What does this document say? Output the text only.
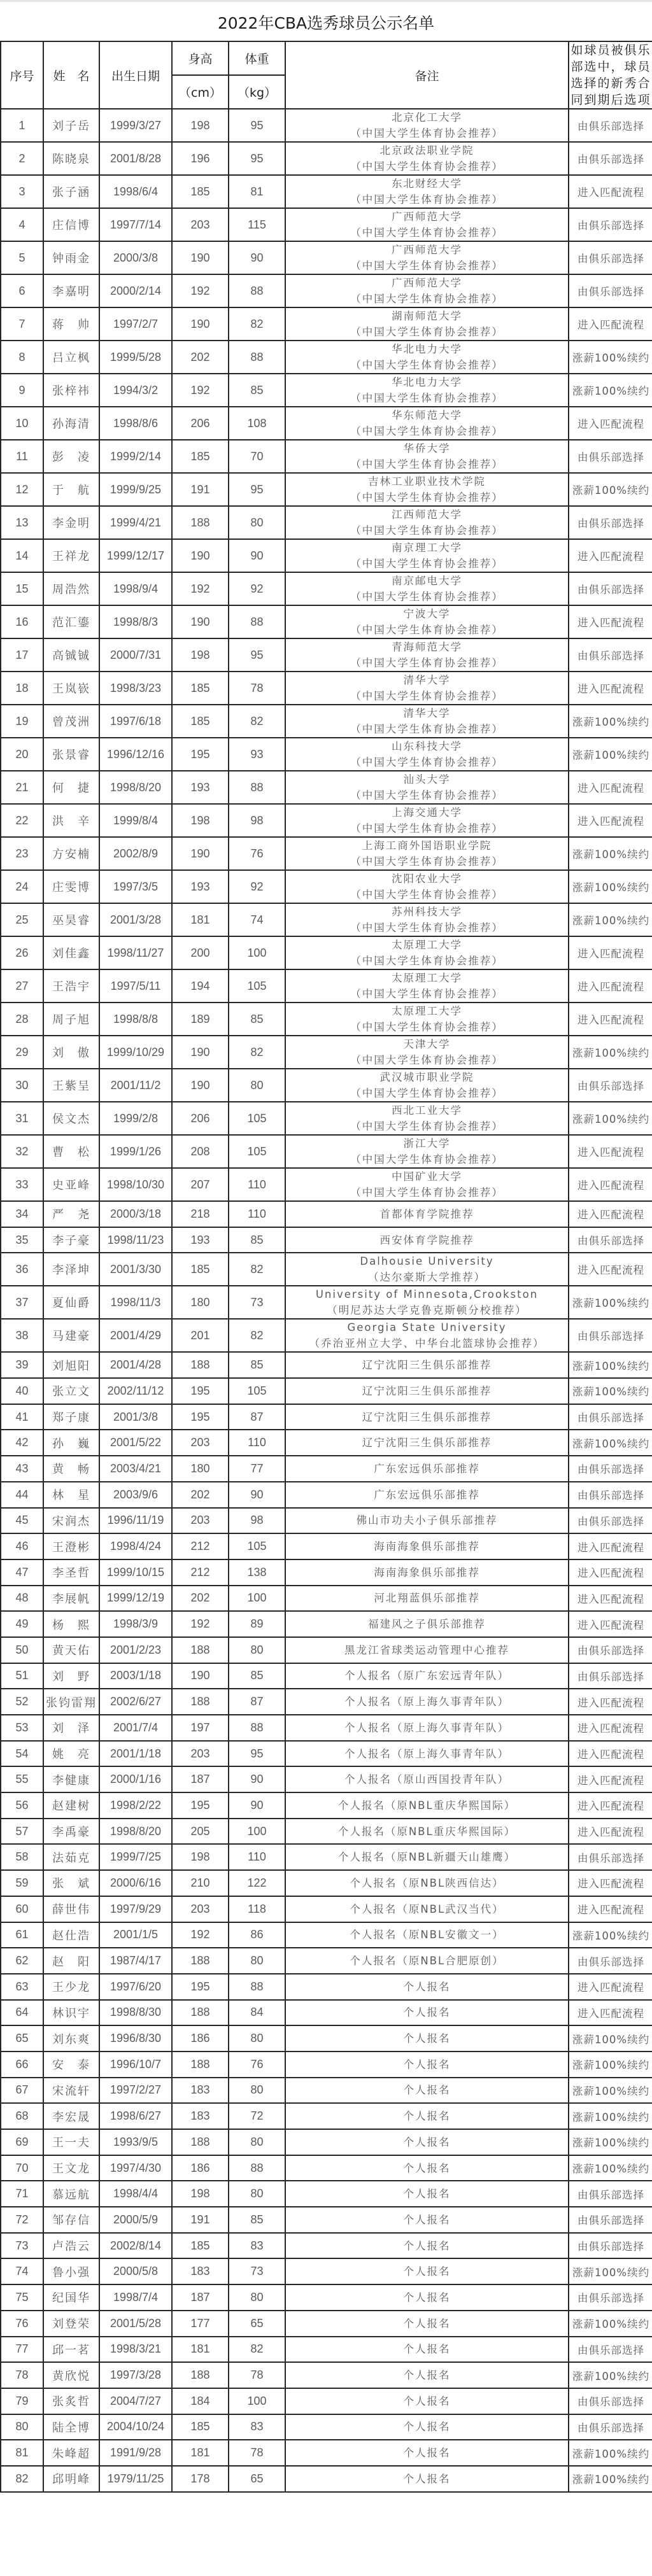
2022年CBA选秀球员公示名单
序号	姓　名	出生日期	身高	体重	备注	如球员被俱乐部选中，球员选择的新秀合同到期后选项
			（cm）	（kg）		
1	刘子岳	1999/3/27	198	95	北京化工大学
（中国大学生体育协会推荐）	由俱乐部选择
2	陈晓泉	2001/8/28	196	95	北京政法职业学院
（中国大学生体育协会推荐）	由俱乐部选择
3	张子涵	1998/6/4	185	81	东北财经大学
（中国大学生体育协会推荐）	进入匹配流程
4	庄信博	1997/7/14	203	115	广西师范大学
（中国大学生体育协会推荐）	由俱乐部选择
5	钟雨金	2000/3/8	190	90	广西师范大学
（中国大学生体育协会推荐）	由俱乐部选择
6	李嘉明	2000/2/14	192	88	广西师范大学
（中国大学生体育协会推荐）	由俱乐部选择
7	蒋　帅	1997/2/7	190	82	湖南师范大学
（中国大学生体育协会推荐）	进入匹配流程
8	吕立枫	1999/5/28	202	88	华北电力大学
（中国大学生体育协会推荐）	涨薪100%续约
9	张梓祎	1994/3/2	192	85	华北电力大学
（中国大学生体育协会推荐）	涨薪100%续约
10	孙海清	1998/8/6	206	108	华东师范大学
（中国大学生体育协会推荐）	进入匹配流程
11	彭　凌	1999/2/14	185	70	华侨大学
（中国大学生体育协会推荐）	由俱乐部选择
12	于　航	1999/9/25	191	95	吉林工业职业技术学院
（中国大学生体育协会推荐）	涨薪100%续约
13	李金明	1999/4/21	188	80	江西师范大学
（中国大学生体育协会推荐）	由俱乐部选择
14	王祥龙	1999/12/17	190	90	南京理工大学
（中国大学生体育协会推荐）	进入匹配流程
15	周浩然	1998/9/4	192	92	南京邮电大学
（中国大学生体育协会推荐）	由俱乐部选择
16	范汇鎏	1998/8/3	190	88	宁波大学
（中国大学生体育协会推荐）	进入匹配流程
17	高铖铖	2000/7/31	198	95	青海师范大学
（中国大学生体育协会推荐）	由俱乐部选择
18	王岚嵚	1998/3/23	185	78	清华大学
（中国大学生体育协会推荐）	进入匹配流程
19	曾茂洲	1997/6/18	185	82	清华大学
（中国大学生体育协会推荐）	涨薪100%续约
20	张景睿	1996/12/16	195	93	山东科技大学
（中国大学生体育协会推荐）	涨薪100%续约
21	何　捷	1998/8/20	193	88	汕头大学
（中国大学生体育协会推荐）	进入匹配流程
22	洪　辛	1999/8/4	198	98	上海交通大学
（中国大学生体育协会推荐）	进入匹配流程
23	方安楠	2002/8/9	190	76	上海工商外国语职业学院
（中国大学生体育协会推荐）	涨薪100%续约
24	庄雯博	1997/3/5	193	92	沈阳农业大学
（中国大学生体育协会推荐）	涨薪100%续约
25	巫昊睿	2001/3/28	181	74	苏州科技大学
（中国大学生体育协会推荐）	涨薪100%续约
26	刘佳鑫	1998/11/27	200	100	太原理工大学
（中国大学生体育协会推荐）	进入匹配流程
27	王浩宇	1997/5/11	194	105	太原理工大学
（中国大学生体育协会推荐）	进入匹配流程
28	周子旭	1998/8/8	189	85	太原理工大学
（中国大学生体育协会推荐）	进入匹配流程
29	刘　傲	1999/10/29	190	82	天津大学
（中国大学生体育协会推荐）	涨薪100%续约
30	王紫呈	2001/11/2	190	80	武汉城市职业学院
（中国大学生体育协会推荐）	由俱乐部选择
31	侯文杰	1999/2/8	206	105	西北工业大学
（中国大学生体育协会推荐）	涨薪100%续约
32	曹　松	1999/1/26	208	105	浙江大学
（中国大学生体育协会推荐）	进入匹配流程
33	史亚峰	1998/10/30	207	110	中国矿业大学
（中国大学生体育协会推荐）	进入匹配流程
34	严　尧	2000/3/18	218	110	首都体育学院推荐	进入匹配流程
35	李子豪	1998/11/23	193	85	西安体育学院推荐	由俱乐部选择
36	李泽坤	2001/3/30	185	82	Dalhousie University
（达尔豪斯大学推荐）	进入匹配流程
37	夏仙爵	1998/11/3	180	73	University of Minnesota,Crookston
（明尼苏达大学克鲁克斯顿分校推荐）	涨薪100%续约
38	马建豪	2001/4/29	201	82	Georgia State University
（乔治亚州立大学、中华台北篮球协会推荐）	由俱乐部选择
39	刘旭阳	2001/4/28	188	85	辽宁沈阳三生俱乐部推荐	涨薪100%续约
40	张立文	2002/11/12	195	105	辽宁沈阳三生俱乐部推荐	涨薪100%续约
41	郑子康	2001/3/8	195	87	辽宁沈阳三生俱乐部推荐	由俱乐部选择
42	孙　巍	2001/5/22	203	110	辽宁沈阳三生俱乐部推荐	涨薪100%续约
43	黄　畅	2003/4/21	180	77	广东宏远俱乐部推荐	由俱乐部选择
44	林　星	2003/9/6	202	90	广东宏远俱乐部推荐	由俱乐部选择
45	宋润杰	1996/11/19	203	98	佛山市功夫小子俱乐部推荐	由俱乐部选择
46	王澄彬	1998/4/24	212	105	海南海象俱乐部推荐	进入匹配流程
47	李圣哲	1999/10/15	212	138	海南海象俱乐部推荐	进入匹配流程
48	李展帆	1999/12/19	202	100	河北翔蓝俱乐部推荐	进入匹配流程
49	杨　熙	1998/3/9	192	89	福建风之子俱乐部推荐	进入匹配流程
50	黄天佑	2001/2/23	188	80	黑龙江省球类运动管理中心推荐	由俱乐部选择
51	刘　野	2003/1/18	190	85	个人报名（原广东宏远青年队）	由俱乐部选择
52	张钧雷翔	2002/6/27	188	87	个人报名（原上海久事青年队）	进入匹配流程
53	刘　泽	2001/7/4	197	88	个人报名（原上海久事青年队）	进入匹配流程
54	姚　亮	2001/1/18	203	95	个人报名（原上海久事青年队）	进入匹配流程
55	李健康	2000/1/16	187	90	个人报名（原山西国投青年队）	进入匹配流程
56	赵建树	1998/2/22	195	90	个人报名（原NBL重庆华熙国际）	进入匹配流程
57	李禹豪	1998/8/20	205	100	个人报名（原NBL重庆华熙国际）	进入匹配流程
58	法茹克	1999/7/25	198	110	个人报名（原NBL新疆天山雄鹰）	由俱乐部选择
59	张　斌	2000/6/16	210	122	个人报名（原NBL陕西信达）	进入匹配流程
60	薛世伟	1997/9/29	203	118	个人报名（原NBL武汉当代）	进入匹配流程
61	赵仕浩	2001/1/5	192	86	个人报名（原NBL安徽文一）	涨薪100%续约
62	赵　阳	1987/4/17	188	80	个人报名（原NBL合肥原创）	由俱乐部选择
63	王少龙	1997/6/20	195	88	个人报名	进入匹配流程
64	林识宇	1998/8/30	188	84	个人报名	进入匹配流程
65	刘东爽	1996/8/30	186	80	个人报名	涨薪100%续约
66	安　泰	1996/10/7	188	76	个人报名	涨薪100%续约
67	宋流轩	1997/2/27	183	80	个人报名	涨薪100%续约
68	李宏晟	1998/6/27	183	72	个人报名	涨薪100%续约
69	王一夫	1993/9/5	188	80	个人报名	涨薪100%续约
70	王文龙	1997/4/30	186	88	个人报名	涨薪100%续约
71	慕远航	1998/4/4	198	80	个人报名	由俱乐部选择
72	邹存信	2000/5/9	191	85	个人报名	由俱乐部选择
73	卢浩云	2002/8/14	185	83	个人报名	由俱乐部选择
74	鲁小强	2000/5/8	183	73	个人报名	涨薪100%续约
75	纪国华	1998/7/4	187	80	个人报名	由俱乐部选择
76	刘登荣	2001/5/28	177	65	个人报名	涨薪100%续约
77	邱一茗	1998/3/21	181	82	个人报名	由俱乐部选择
78	黄欣悦	1997/3/28	188	78	个人报名	涨薪100%续约
79	张炙哲	2004/7/27	184	100	个人报名	由俱乐部选择
80	陆全博	2004/10/24	185	83	个人报名	由俱乐部选择
81	朱峰超	1991/9/28	181	78	个人报名	涨薪100%续约
82	邱明峰	1979/11/25	178	65	个人报名	涨薪100%续约
